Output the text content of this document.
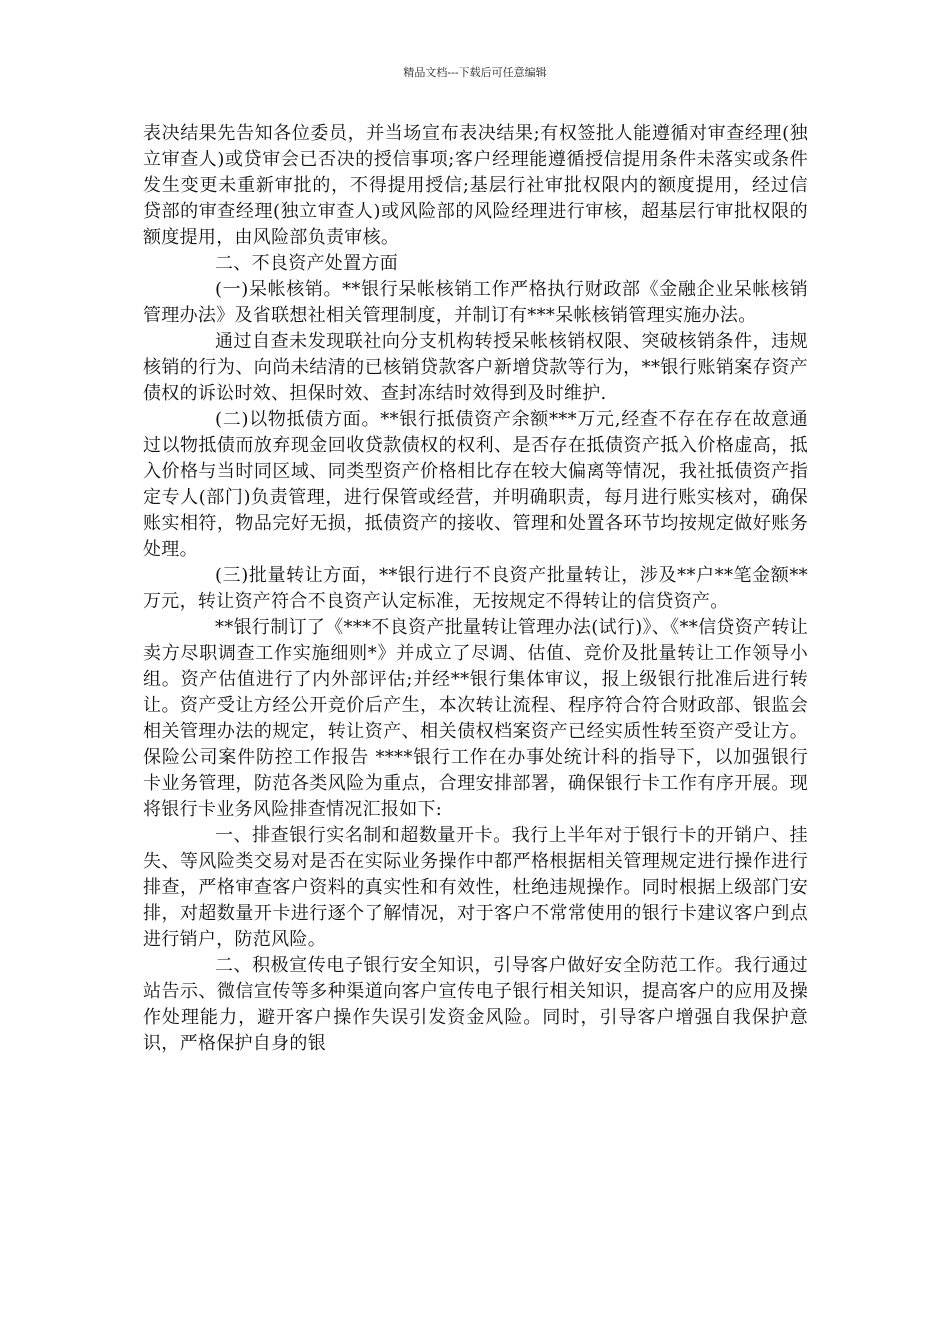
精品文档---下载后可任意编辑

表决结果先告知各位委员，并当场宣布表决结果;有权签批人能遵循对审查经理(独立审查人)或贷审会已否决的授信事项;客户经理能遵循授信提用条件未落实或条件发生变更未重新审批的，不得提用授信;基层行社审批权限内的额度提用，经过信贷部的审查经理(独立审查人)或风险部的风险经理进行审核，超基层行审批权限的额度提用，由风险部负责审核。

二、不良资产处置方面

(一)呆帐核销。**银行呆帐核销工作严格执行财政部《金融企业呆帐核销管理办法》及省联想社相关管理制度，并制订有***呆帐核销管理实施办法。

通过自查未发现联社向分支机构转授呆帐核销权限、突破核销条件，违规核销的行为、向尚未结清的已核销贷款客户新增贷款等行为，**银行账销案存资产债权的诉讼时效、担保时效、查封冻结时效得到及时维护.

(二)以物抵债方面。**银行抵债资产余额***万元,经查不存在存在故意通过以物抵债而放弃现金回收贷款债权的权利、是否存在抵债资产抵入价格虚高，抵入价格与当时同区域、同类型资产价格相比存在较大偏离等情况，我社抵债资产指定专人(部门)负责管理，进行保管或经营，并明确职责，每月进行账实核对，确保账实相符，物品完好无损，抵债资产的接收、管理和处置各环节均按规定做好账务处理。

(三)批量转让方面，**银行进行不良资产批量转让，涉及**户**笔金额**万元，转让资产符合不良资产认定标准，无按规定不得转让的信贷资产。

**银行制订了《***不良资产批量转让管理办法(试行)》、《**信贷资产转让卖方尽职调查工作实施细则*》并成立了尽调、估值、竞价及批量转让工作领导小组。资产估值进行了内外部评估;并经**银行集体审议，报上级银行批准后进行转让。资产受让方经公开竞价后产生，本次转让流程、程序符合符合财政部、银监会相关管理办法的规定，转让资产、相关债权档案资产已经实质性转至资产受让方。 保险公司案件防控工作报告 ****银行工作在办事处统计科的指导下，以加强银行卡业务管理，防范各类风险为重点，合理安排部署，确保银行卡工作有序开展。现将银行卡业务风险排查情况汇报如下:

一、排查银行实名制和超数量开卡。我行上半年对于银行卡的开销户、挂失、等风险类交易对是否在实际业务操作中都严格根据相关管理规定进行操作进行排查，严格审查客户资料的真实性和有效性，杜绝违规操作。同时根据上级部门安排，对超数量开卡进行逐个了解情况，对于客户不常常使用的银行卡建议客户到点进行销户，防范风险。

二、积极宣传电子银行安全知识，引导客户做好安全防范工作。我行通过站告示、微信宣传等多种渠道向客户宣传电子银行相关知识，提高客户的应用及操作处理能力，避开客户操作失误引发资金风险。同时，引导客户增强自我保护意识，严格保护自身的银
